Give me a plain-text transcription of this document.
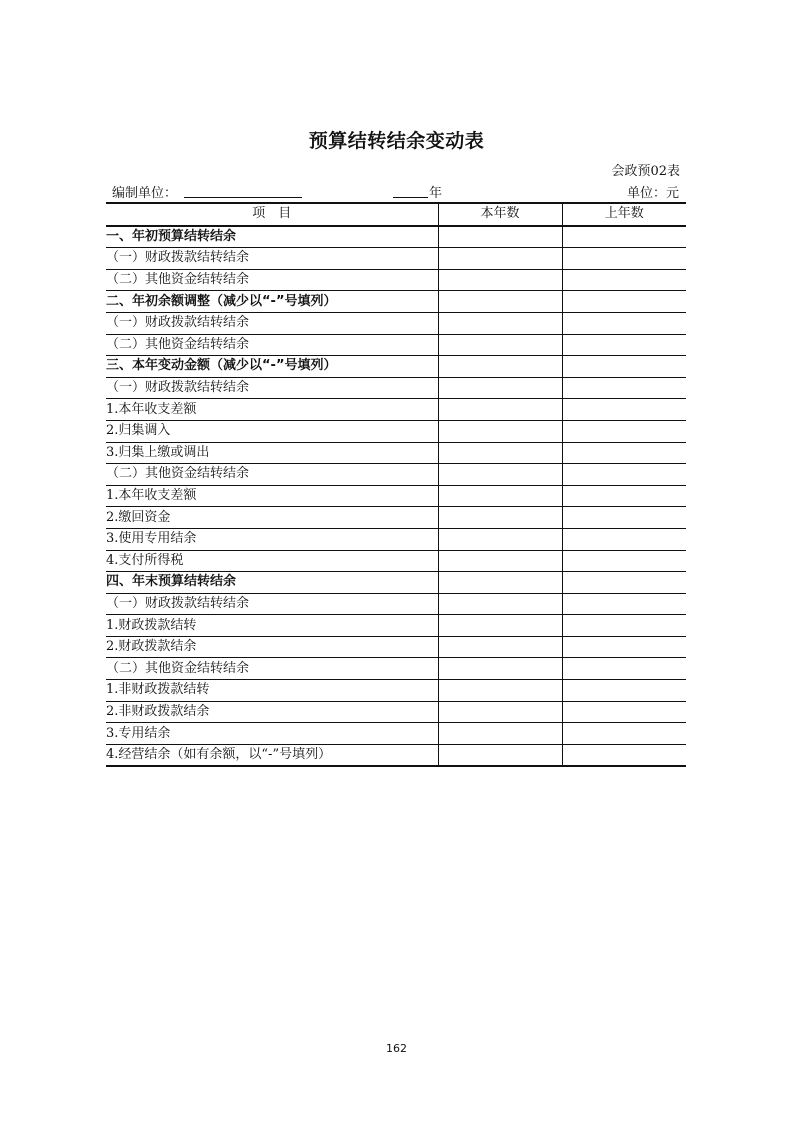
预算结转结余变动表
会政预02表
编制单位：	年	单位：元
项　目	本年数	上年数
一、年初预算结转结余		
（一）财政拨款结转结余		
（二）其他资金结转结余		
二、年初余额调整（减少以“-”号填列）		
（一）财政拨款结转结余		
（二）其他资金结转结余		
三、本年变动金额（减少以“-”号填列）		
（一）财政拨款结转结余		
1.本年收支差额		
2.归集调入		
3.归集上缴或调出		
（二）其他资金结转结余		
1.本年收支差额		
2.缴回资金		
3.使用专用结余		
4.支付所得税		
四、年末预算结转结余		
（一）财政拨款结转结余		
1.财政拨款结转		
2.财政拨款结余		
（二）其他资金结转结余		
1.非财政拨款结转		
2.非财政拨款结余		
3.专用结余		
4.经营结余（如有余额，以“-”号填列）		
162
